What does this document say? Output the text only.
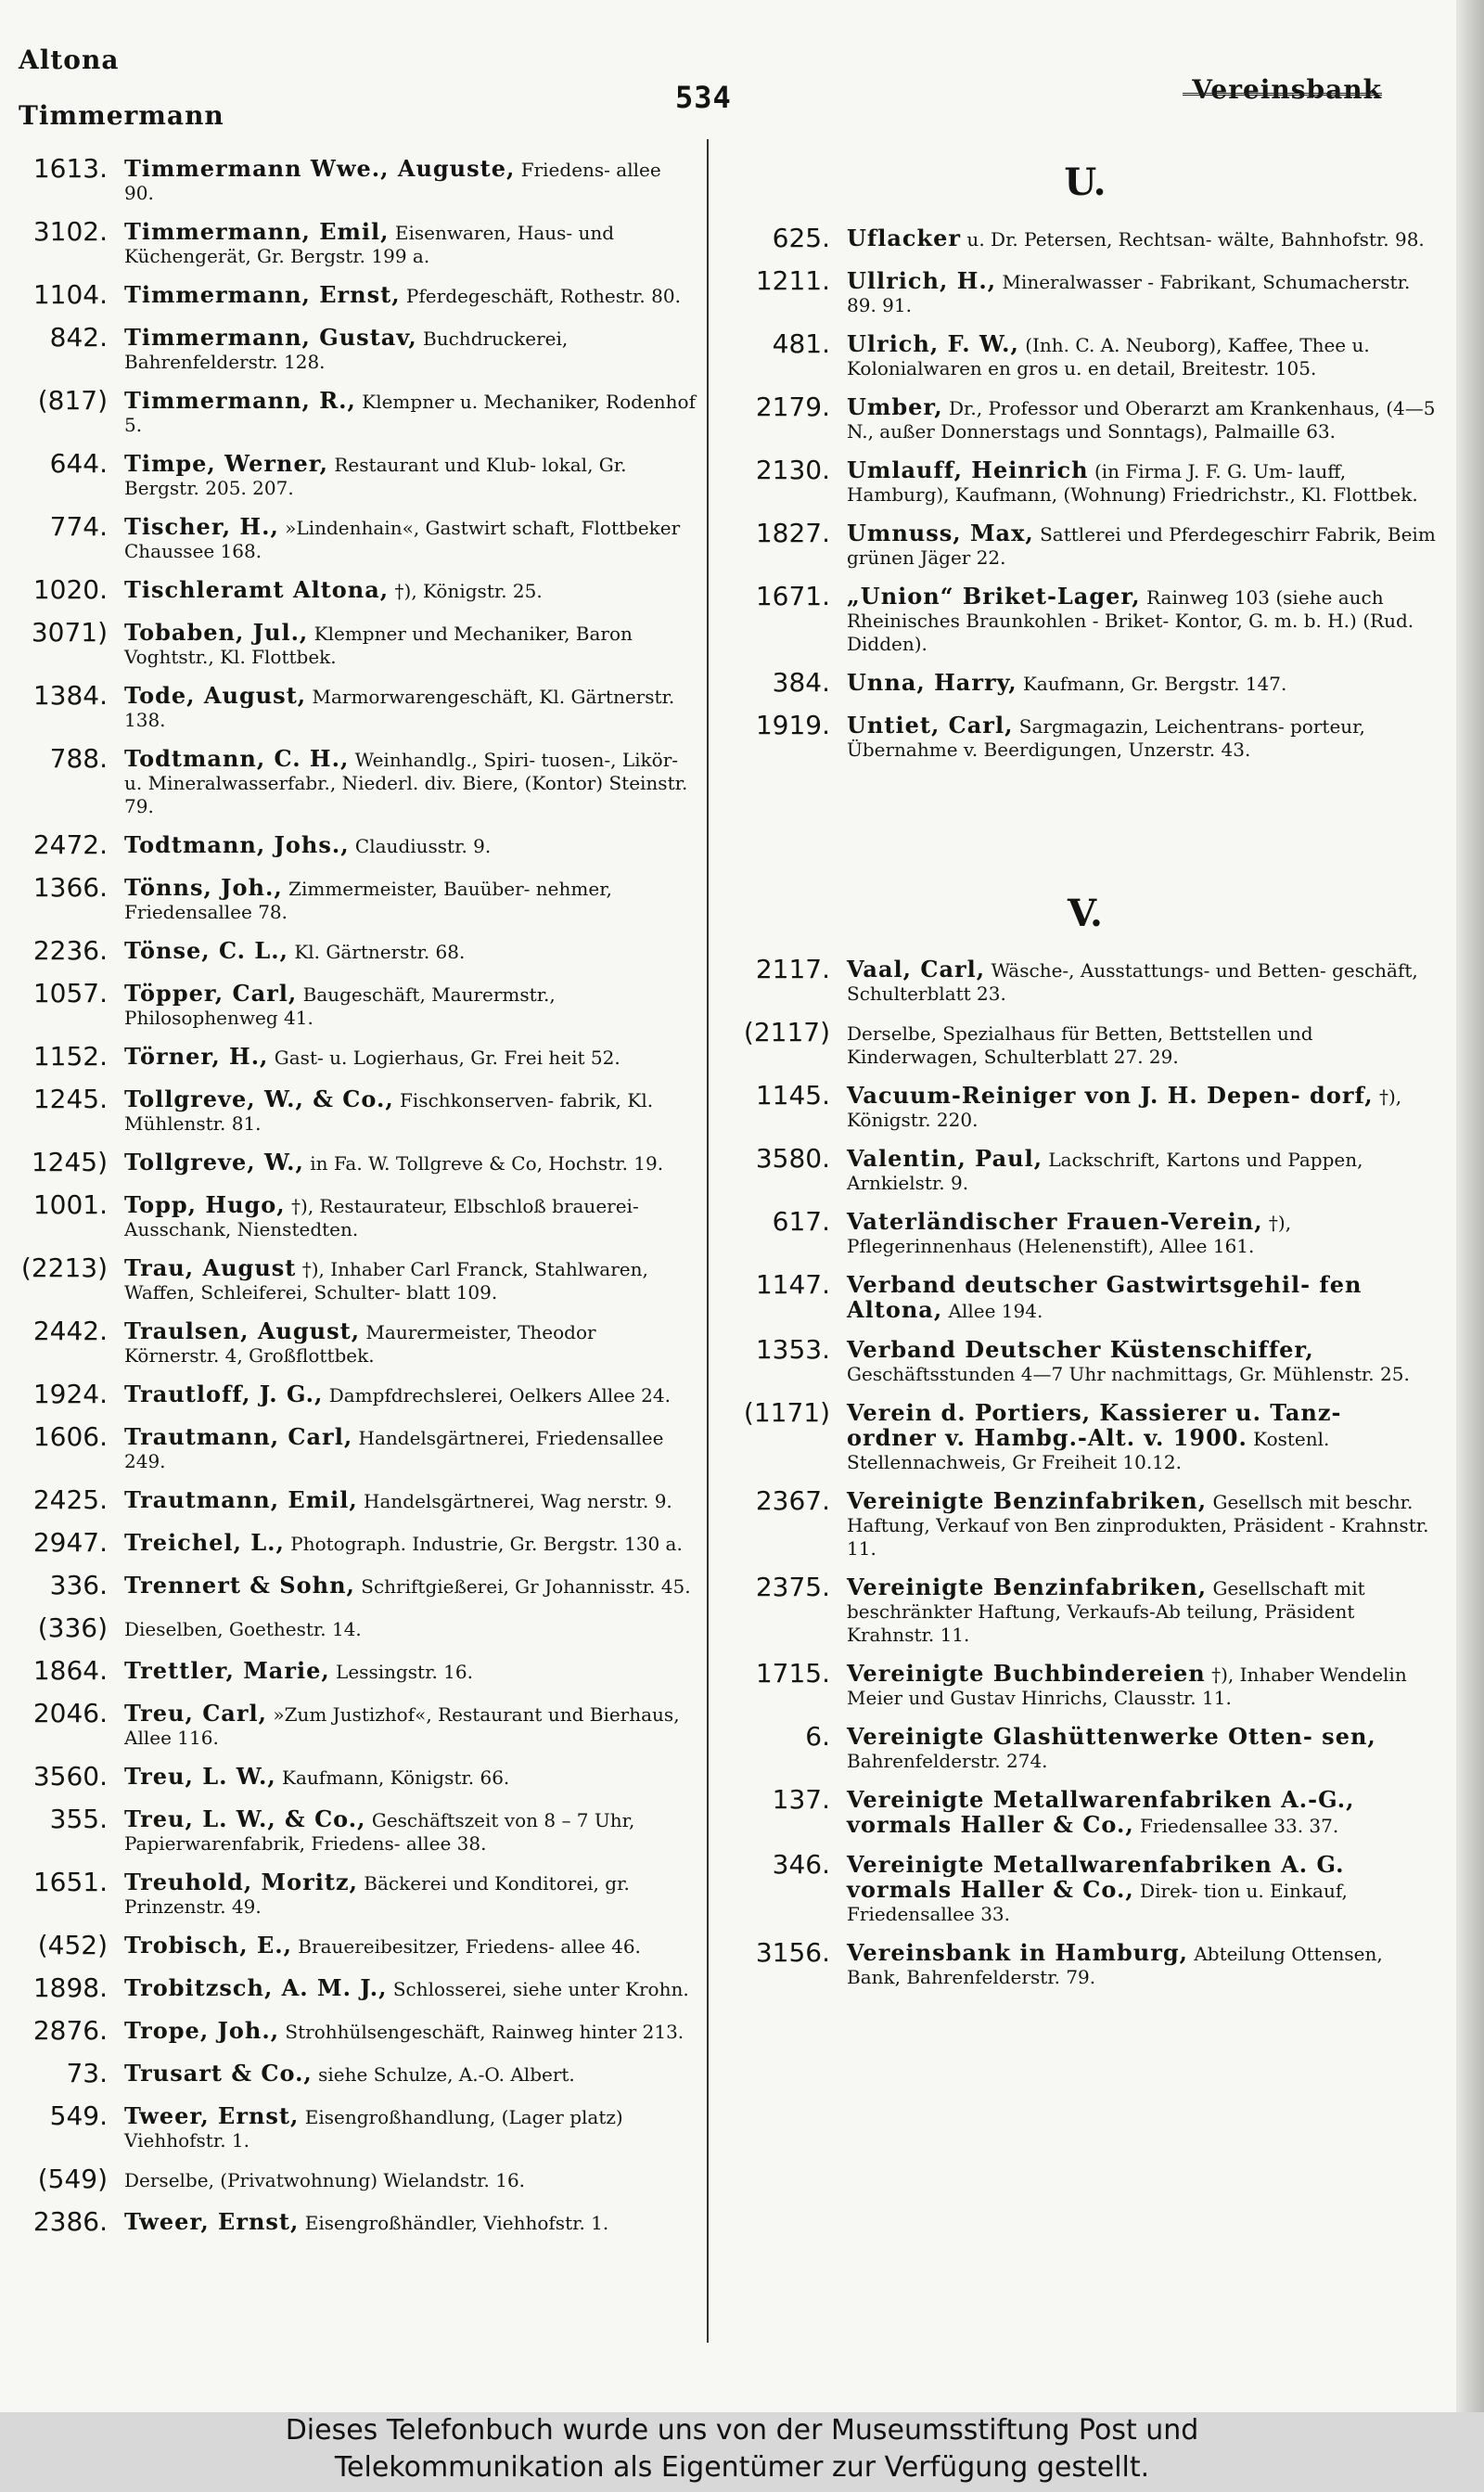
Altona
Timmermann
534	Vereinsbank
1613. Timmermann Wwe., Auguste, Friedens- allee 90.
3102. Timmermann, Emil, Eisenwaren, Haus- und Küchengerät, Gr. Bergstr. 199 a.
1104. Timmermann, Ernst, Pferdegeschäft, Rothestr. 80.
842. Timmermann, Gustav, Buchdruckerei, Bahrenfelderstr. 128.
(817) Timmermann, R., Klempner u. Mechaniker, Rodenhof 5.
644. Timpe, Werner, Restaurant und Klub- lokal, Gr. Bergstr. 205. 207.
774. Tischer, H., »Lindenhain«, Gastwirt schaft, Flottbeker Chaussee 168.
1020. Tischleramt Altona, †), Königstr. 25.
3071) Tobaben, Jul., Klempner und Mechaniker, Baron Voghtstr., Kl. Flottbek.
1384. Tode, August, Marmorwarengeschäft, Kl. Gärtnerstr. 138.
788. Todtmann, C. H., Weinhandlg., Spiri- tuosen-, Likör- u. Mineralwasserfabr., Niederl. div. Biere, (Kontor) Steinstr. 79.
2472. Todtmann, Johs., Claudiusstr. 9.
1366. Tönns, Joh., Zimmermeister, Bauüber- nehmer, Friedensallee 78.
2236. Tönse, C. L., Kl. Gärtnerstr. 68.
1057. Töpper, Carl, Baugeschäft, Maurermstr., Philosophenweg 41.
1152. Törner, H., Gast- u. Logierhaus, Gr. Frei heit 52.
1245. Tollgreve, W., & Co., Fischkonserven- fabrik, Kl. Mühlenstr. 81.
1245) Tollgreve, W., in Fa. W. Tollgreve & Co, Hochstr. 19.
1001. Topp, Hugo, †), Restaurateur, Elbschloß brauerei-Ausschank, Nienstedten.
(2213) Trau, August †), Inhaber Carl Franck, Stahlwaren, Waffen, Schleiferei, Schulter- blatt 109.
2442. Traulsen, August, Maurermeister, Theodor Körnerstr. 4, Großflottbek.
1924. Trautloff, J. G., Dampfdrechslerei, Oelkers Allee 24.
1606. Trautmann, Carl, Handelsgärtnerei, Friedensallee 249.
2425. Trautmann, Emil, Handelsgärtnerei, Wag nerstr. 9.
2947. Treichel, L., Photograph. Industrie, Gr. Bergstr. 130 a.
336. Trennert & Sohn, Schriftgießerei, Gr Johannisstr. 45.
(336) Dieselben, Goethestr. 14.
1864. Trettler, Marie, Lessingstr. 16.
2046. Treu, Carl, »Zum Justizhof«, Restaurant und Bierhaus, Allee 116.
3560. Treu, L. W., Kaufmann, Königstr. 66.
355. Treu, L. W., & Co., Geschäftszeit von 8 – 7 Uhr, Papierwarenfabrik, Friedens- allee 38.
1651. Treuhold, Moritz, Bäckerei und Konditorei, gr. Prinzenstr. 49.
(452) Trobisch, E., Brauereibesitzer, Friedens- allee 46.
1898. Trobitzsch, A. M. J., Schlosserei, siehe unter Krohn.
2876. Trope, Joh., Strohhülsengeschäft, Rainweg hinter 213.
73. Trusart & Co., siehe Schulze, A.-O. Albert.
549. Tweer, Ernst, Eisengroßhandlung, (Lager platz) Viehhofstr. 1.
(549) Derselbe, (Privatwohnung) Wielandstr. 16.
2386. Tweer, Ernst, Eisengroßhändler, Viehhofstr. 1.
U.
625. Uflacker u. Dr. Petersen, Rechtsan- wälte, Bahnhofstr. 98.
1211. Ullrich, H., Mineralwasser - Fabrikant, Schumacherstr. 89. 91.
481. Ulrich, F. W., (Inh. C. A. Neuborg), Kaffee, Thee u. Kolonialwaren en gros u. en detail, Breitestr. 105.
2179. Umber, Dr., Professor und Oberarzt am Krankenhaus, (4—5 N., außer Donnerstags und Sonntags), Palmaille 63.
2130. Umlauff, Heinrich (in Firma J. F. G. Um- lauff, Hamburg), Kaufmann, (Wohnung) Friedrichstr., Kl. Flottbek.
1827. Umnuss, Max, Sattlerei und Pferdegeschirr Fabrik, Beim grünen Jäger 22.
1671. „Union“ Briket-Lager, Rainweg 103 (siehe auch Rheinisches Braunkohlen - Briket- Kontor, G. m. b. H.) (Rud. Didden).
384. Unna, Harry, Kaufmann, Gr. Bergstr. 147.
1919. Untiet, Carl, Sargmagazin, Leichentrans- porteur, Übernahme v. Beerdigungen, Unzerstr. 43.
V.
2117. Vaal, Carl, Wäsche-, Ausstattungs- und Betten- geschäft, Schulterblatt 23.
(2117) Derselbe, Spezialhaus für Betten, Bettstellen und Kinderwagen, Schulterblatt 27. 29.
1145. Vacuum-Reiniger von J. H. Depen- dorf, †), Königstr. 220.
3580. Valentin, Paul, Lackschrift, Kartons und Pappen, Arnkielstr. 9.
617. Vaterländischer Frauen-Verein, †), Pflegerinnenhaus (Helenenstift), Allee 161.
1147. Verband deutscher Gastwirtsgehil- fen Altona, Allee 194.
1353. Verband Deutscher Küstenschiffer, Geschäftsstunden 4—7 Uhr nachmittags, Gr. Mühlenstr. 25.
(1171) Verein d. Portiers, Kassierer u. Tanz- ordner v. Hambg.-Alt. v. 1900. Kostenl. Stellennachweis, Gr Freiheit 10.12.
2367. Vereinigte Benzinfabriken, Gesellsch mit beschr. Haftung, Verkauf von Ben zinprodukten, Präsident - Krahnstr. 11.
2375. Vereinigte Benzinfabriken, Gesellschaft mit beschränkter Haftung, Verkaufs-Ab teilung, Präsident Krahnstr. 11.
1715. Vereinigte Buchbindereien †), Inhaber Wendelin Meier und Gustav Hinrichs, Clausstr. 11.
6. Vereinigte Glashüttenwerke Otten- sen, Bahrenfelderstr. 274.
137. Vereinigte Metallwarenfabriken A.-G., vormals Haller & Co., Friedensallee 33. 37.
346. Vereinigte Metallwarenfabriken A. G. vormals Haller & Co., Direk- tion u. Einkauf, Friedensallee 33.
3156. Vereinsbank in Hamburg, Abteilung Ottensen, Bank, Bahrenfelderstr. 79.
Dieses Telefonbuch wurde uns von der Museumsstiftung Post und
Telekommunikation als Eigentümer zur Verfügung gestellt.
